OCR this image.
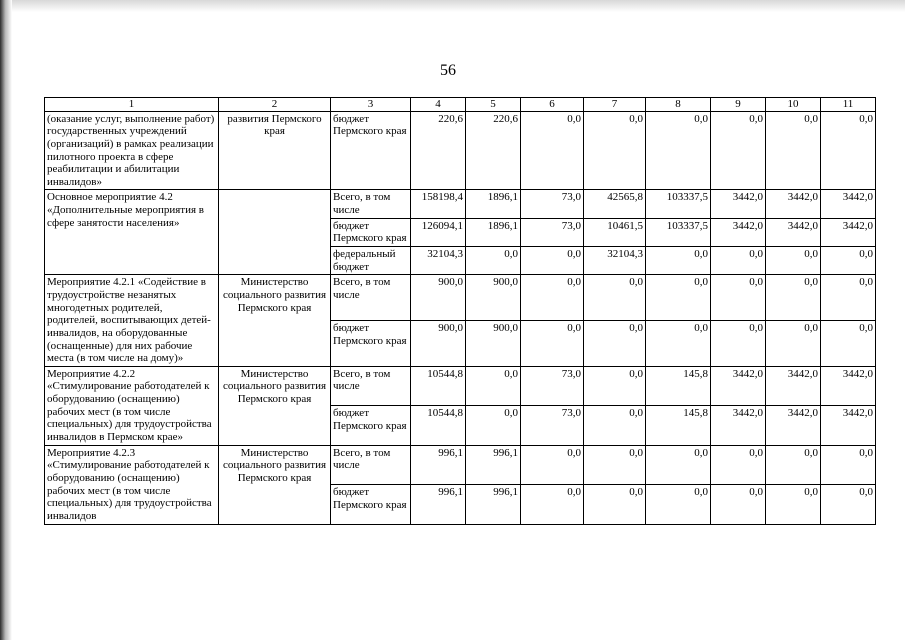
56
1	2	3	4	5	6	7	8	9	10	11
(оказание услуг, выполнение работ) государственных учреждений (организаций) в рамках реализации пилотного проекта в сфере реабилитации и абилитации инвалидов»	развития Пермского края	бюджет Пермского края	220,6	220,6	0,0	0,0	0,0	0,0	0,0	0,0
Основное мероприятие 4.2 «Дополнительные мероприятия в сфере занятости населения»		Всего, в том числе	158198,4	1896,1	73,0	42565,8	103337,5	3442,0	3442,0	3442,0
		бюджет Пермского края	126094,1	1896,1	73,0	10461,5	103337,5	3442,0	3442,0	3442,0
		федеральный бюджет	32104,3	0,0	0,0	32104,3	0,0	0,0	0,0	0,0
Мероприятие 4.2.1 «Содействие в трудоустройстве незанятых многодетных родителей, родителей, воспитывающих детей-инвалидов, на оборудованные (оснащенные) для них рабочие места (в том числе на дому)»	Министерство социального развития Пермского края	Всего, в том числе	900,0	900,0	0,0	0,0	0,0	0,0	0,0	0,0
		бюджет Пермского края	900,0	900,0	0,0	0,0	0,0	0,0	0,0	0,0
Мероприятие 4.2.2 «Стимулирование работодателей к оборудованию (оснащению) рабочих мест (в том числе специальных) для трудоустройства инвалидов в Пермском крае»	Министерство социального развития Пермского края	Всего, в том числе	10544,8	0,0	73,0	0,0	145,8	3442,0	3442,0	3442,0
		бюджет Пермского края	10544,8	0,0	73,0	0,0	145,8	3442,0	3442,0	3442,0
Мероприятие 4.2.3 «Стимулирование работодателей к оборудованию (оснащению) рабочих мест (в том числе специальных) для трудоустройства инвалидов	Министерство социального развития Пермского края	Всего, в том числе	996,1	996,1	0,0	0,0	0,0	0,0	0,0	0,0
		бюджет Пермского края	996,1	996,1	0,0	0,0	0,0	0,0	0,0	0,0
